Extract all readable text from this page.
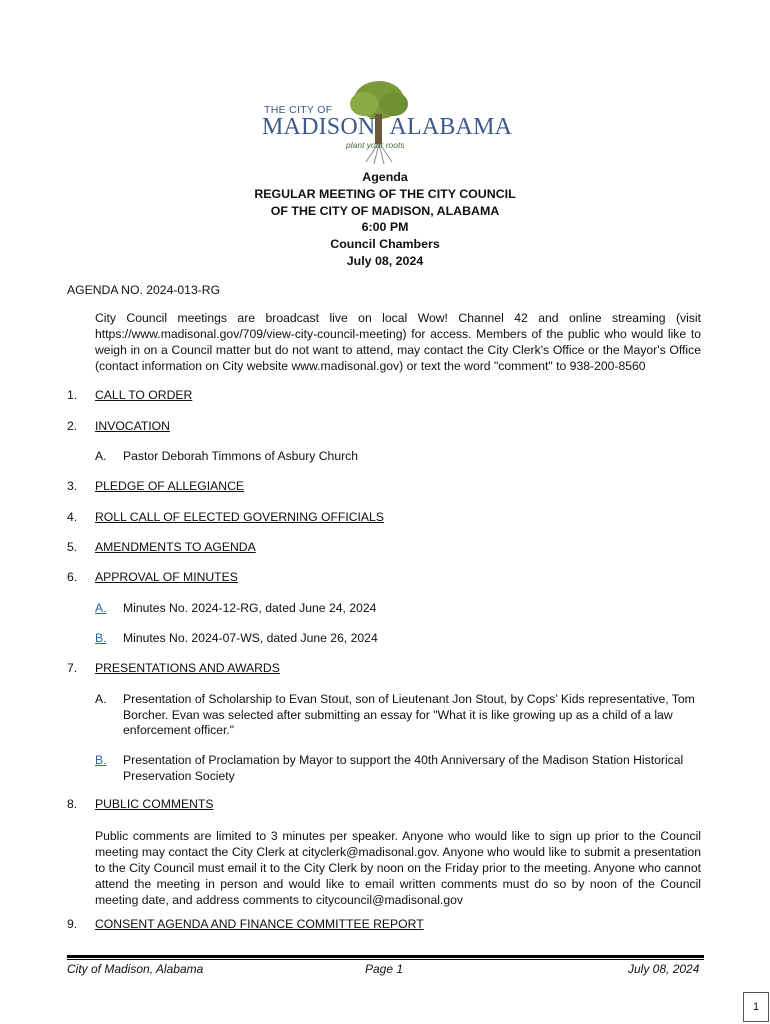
THE CITY OF
MADISON ALABAMA
plant your roots
Agenda
REGULAR MEETING OF THE CITY COUNCIL
OF THE CITY OF MADISON, ALABAMA
6:00 PM
Council Chambers
July 08, 2024
AGENDA NO. 2024-013-RG
City Council meetings are broadcast live on local Wow! Channel 42 and online streaming (visit https://www.madisonal.gov/709/view-city-council-meeting) for access. Members of the public who would like to weigh in on a Council matter but do not want to attend, may contact the City Clerk's Office or the Mayor's Office (contact information on City website www.madisonal.gov) or text the word "comment" to 938-200-8560
1. CALL TO ORDER
2. INVOCATION
A. Pastor Deborah Timmons of Asbury Church
3. PLEDGE OF ALLEGIANCE
4. ROLL CALL OF ELECTED GOVERNING OFFICIALS
5. AMENDMENTS TO AGENDA
6. APPROVAL OF MINUTES
A. Minutes No. 2024-12-RG, dated June 24, 2024
B. Minutes No. 2024-07-WS, dated June 26, 2024
7. PRESENTATIONS AND AWARDS
A. Presentation of Scholarship to Evan Stout, son of Lieutenant Jon Stout, by Cops’ Kids representative, Tom Borcher. Evan was selected after submitting an essay for "What it is like growing up as a child of a law enforcement officer."
B. Presentation of Proclamation by Mayor to support the 40th Anniversary of the Madison Station Historical Preservation Society
8. PUBLIC COMMENTS
Public comments are limited to 3 minutes per speaker. Anyone who would like to sign up prior to the Council meeting may contact the City Clerk at cityclerk@madisonal.gov. Anyone who would like to submit a presentation to the City Council must email it to the City Clerk by noon on the Friday prior to the meeting. Anyone who cannot attend the meeting in person and would like to email written comments must do so by noon of the Council meeting date, and address comments to citycouncil@madisonal.gov
9. CONSENT AGENDA AND FINANCE COMMITTEE REPORT
City of Madison, Alabama	Page 1	July 08, 2024
1
